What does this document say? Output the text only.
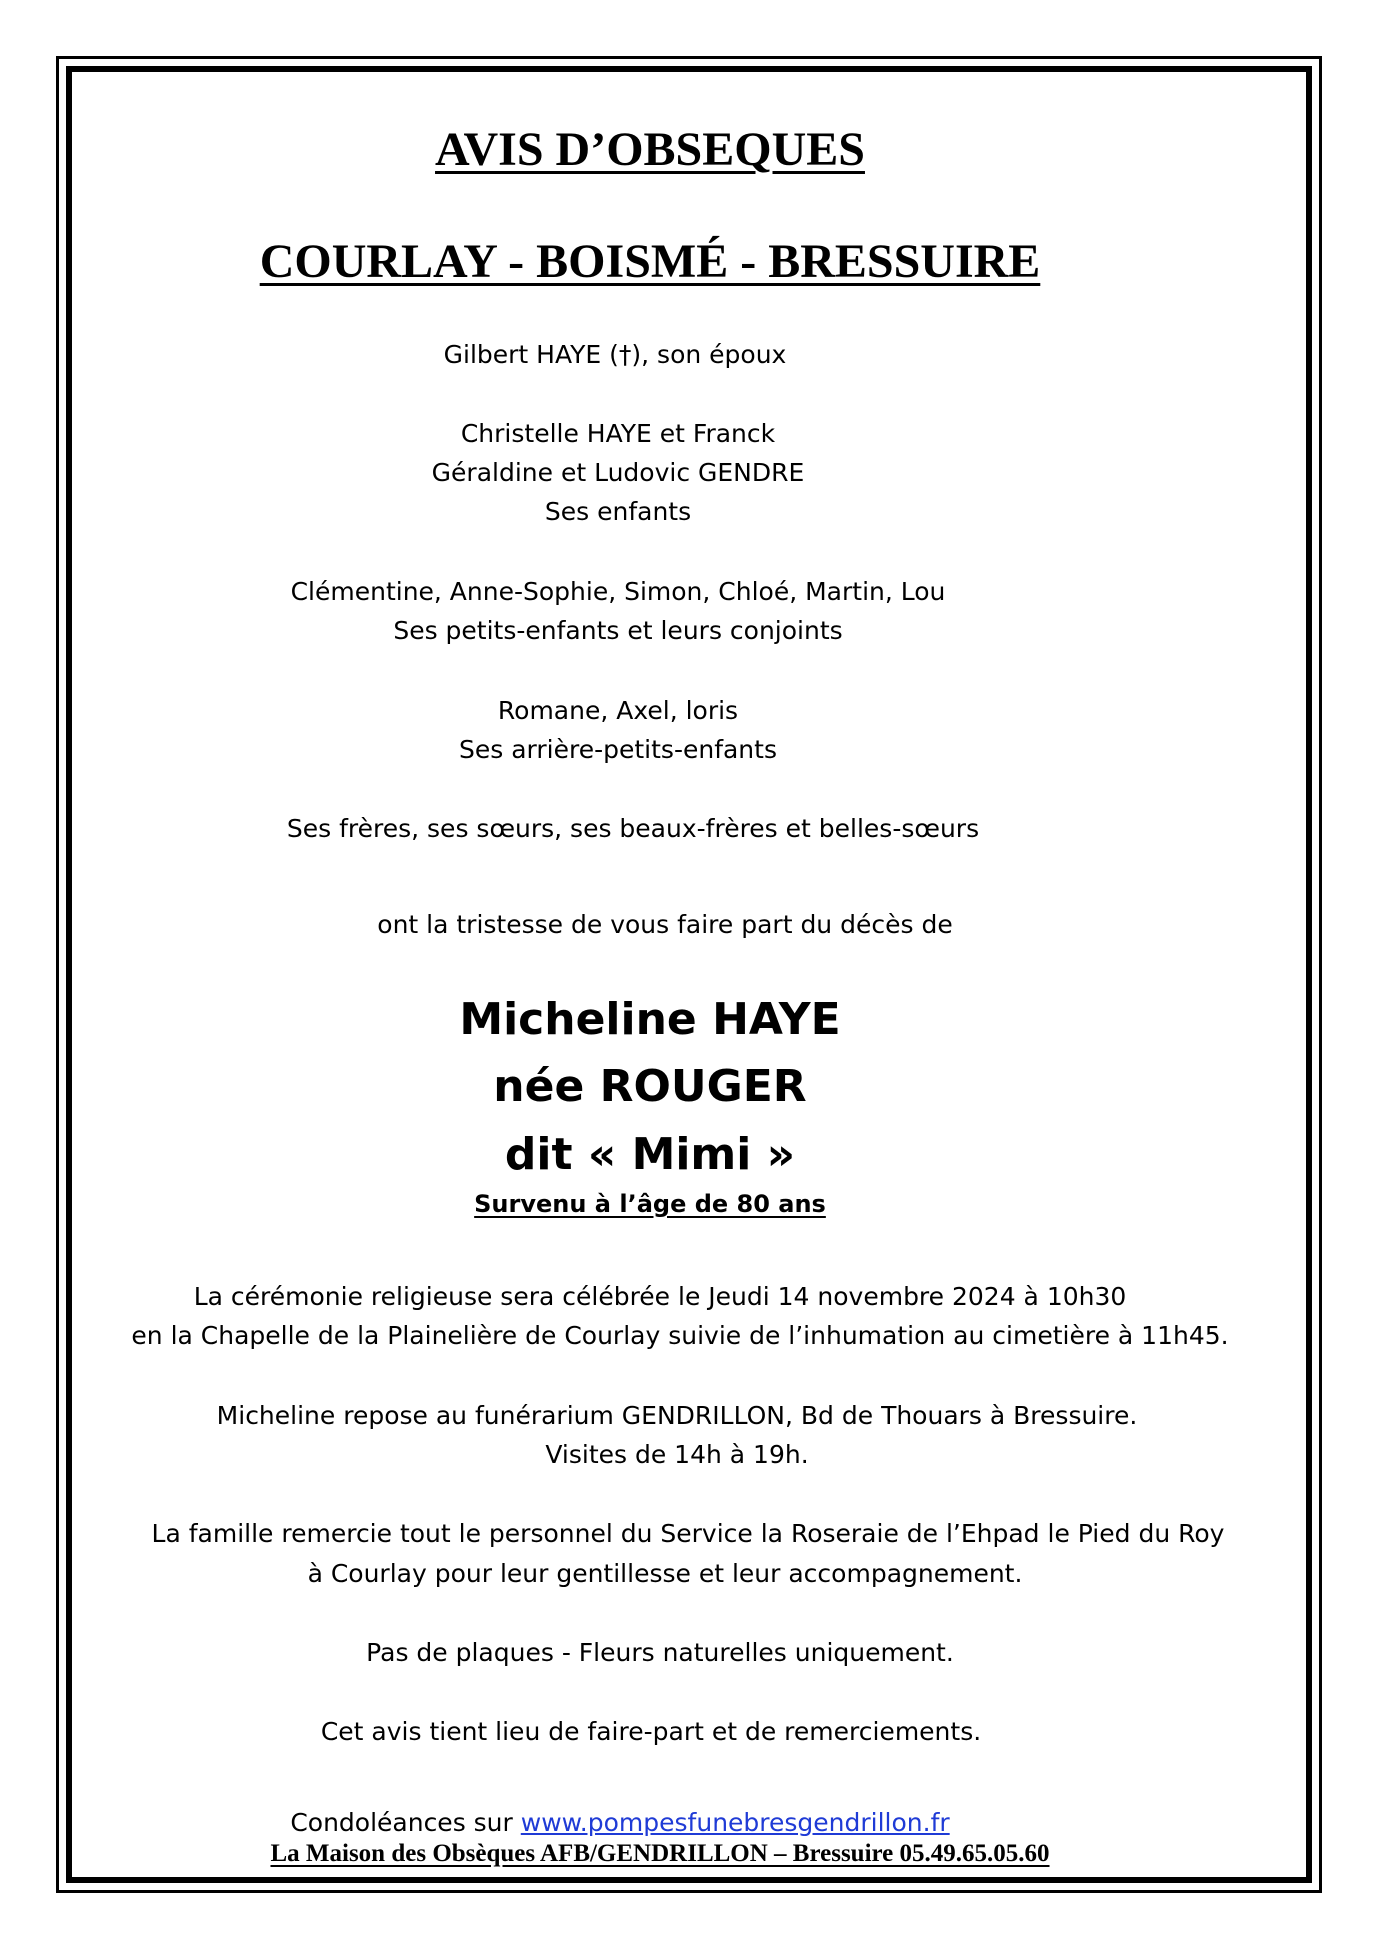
AVIS D’OBSEQUES
COURLAY - BOISMÉ - BRESSUIRE
Gilbert HAYE (†), son époux
Christelle HAYE et Franck
Géraldine et Ludovic GENDRE
Ses enfants
Clémentine, Anne-Sophie, Simon, Chloé, Martin, Lou
Ses petits-enfants et leurs conjoints
Romane, Axel, loris
Ses arrière-petits-enfants
Ses frères, ses sœurs, ses beaux-frères et belles-sœurs
ont la tristesse de vous faire part du décès de
Micheline HAYE
née ROUGER
dit « Mimi »
Survenu à l’âge de 80 ans
La cérémonie religieuse sera célébrée le Jeudi 14 novembre 2024 à 10h30
en la Chapelle de la Plainelière de Courlay suivie de l’inhumation au cimetière à 11h45.
Micheline repose au funérarium GENDRILLON, Bd de Thouars à Bressuire.
Visites de 14h à 19h.
La famille remercie tout le personnel du Service la Roseraie de l’Ehpad le Pied du Roy
à Courlay pour leur gentillesse et leur accompagnement.
Pas de plaques - Fleurs naturelles uniquement.
Cet avis tient lieu de faire-part et de remerciements.
Condoléances sur www.pompesfunebresgendrillon.fr
La Maison des Obsèques AFB/GENDRILLON – Bressuire 05.49.65.05.60
